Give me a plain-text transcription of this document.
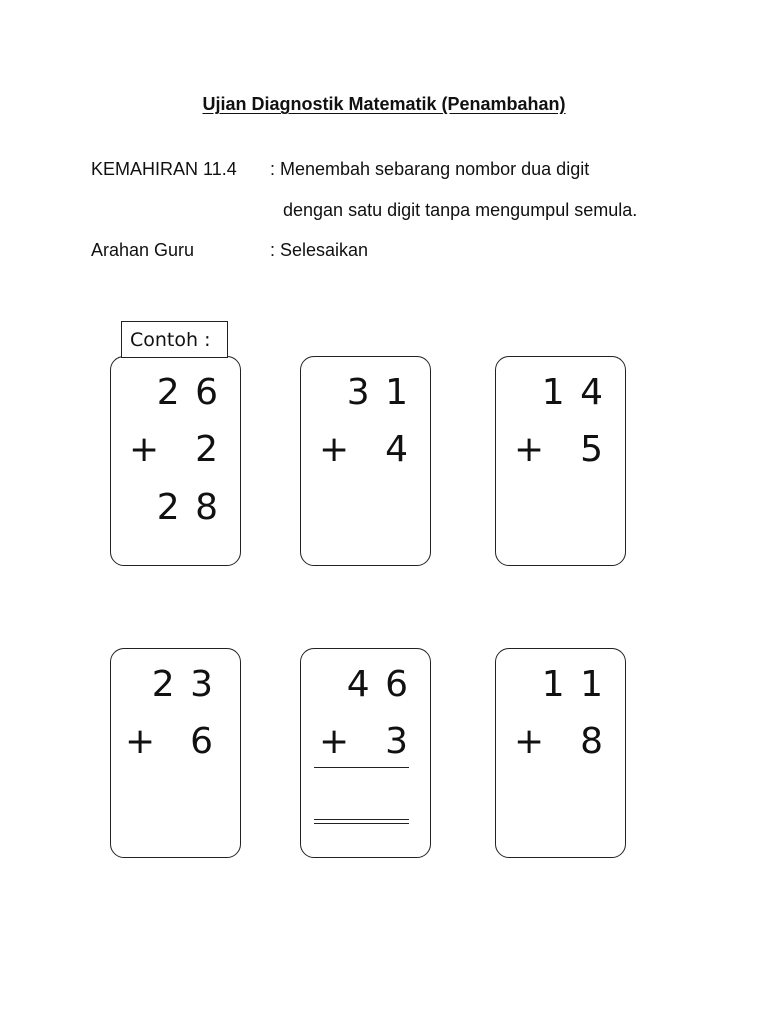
Ujian Diagnostik Matematik (Penambahan)
KEMAHIRAN 11.4 : Menembah sebarang nombor dua digit
dengan satu digit tanpa mengumpul semula.
Arahan Guru	: Selesaikan
2 6
+ 2
2 8
Contoh :
3 1
+ 4
1 4
+ 5
2 3
+ 6
4 6
+ 3
1 1
+ 8
